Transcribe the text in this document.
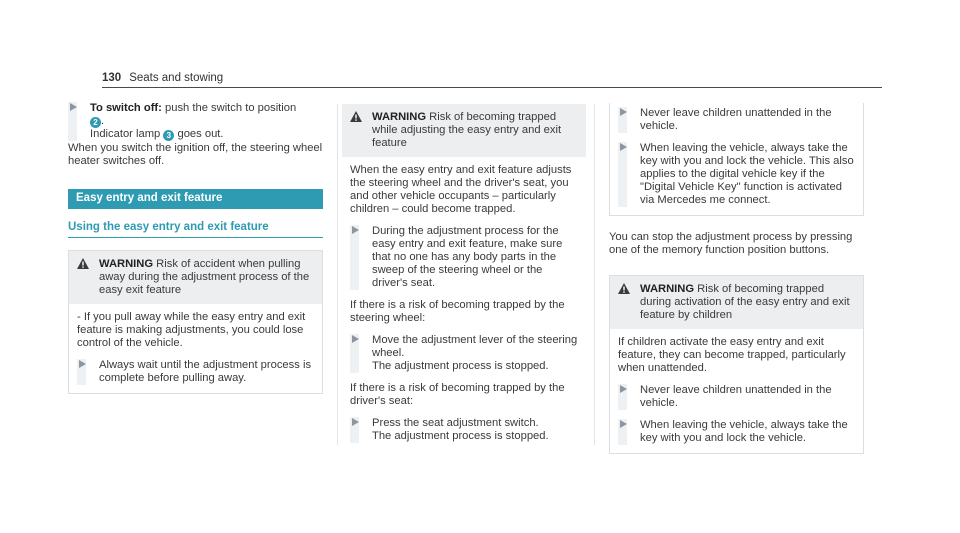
130 Seats and stowing
To switch off: push the switch to position
2 .
Indicator lamp 3 goes out.
When you switch the ignition off, the steering wheel heater switches off.
Easy entry and exit feature
Using the easy entry and exit feature
WARNING Risk of accident when pulling away during the adjustment process of the easy exit feature
- If you pull away while the easy entry and exit feature is making adjustments, you could lose control of the vehicle.
Always wait until the adjustment process is complete before pulling away.
WARNING Risk of becoming trapped while adjusting the easy entry and exit feature
When the easy entry and exit feature adjusts the steering wheel and the driver's seat, you and other vehicle occupants – particularly children – could become trapped.
During the adjustment process for the easy entry and exit feature, make sure that no one has any body parts in the sweep of the steering wheel or the driver's seat.
If there is a risk of becoming trapped by the steering wheel:
Move the adjustment lever of the steering wheel.
The adjustment process is stopped.
If there is a risk of becoming trapped by the driver's seat:
Press the seat adjustment switch.
The adjustment process is stopped.
Never leave children unattended in the vehicle.
When leaving the vehicle, always take the key with you and lock the vehicle. This also applies to the digital vehicle key if the "Digital Vehicle Key" function is activated via Mercedes me connect.
You can stop the adjustment process by pressing one of the memory function position buttons.
WARNING Risk of becoming trapped during activation of the easy entry and exit feature by children
If children activate the easy entry and exit feature, they can become trapped, particularly when unattended.
Never leave children unattended in the vehicle.
When leaving the vehicle, always take the key with you and lock the vehicle.
